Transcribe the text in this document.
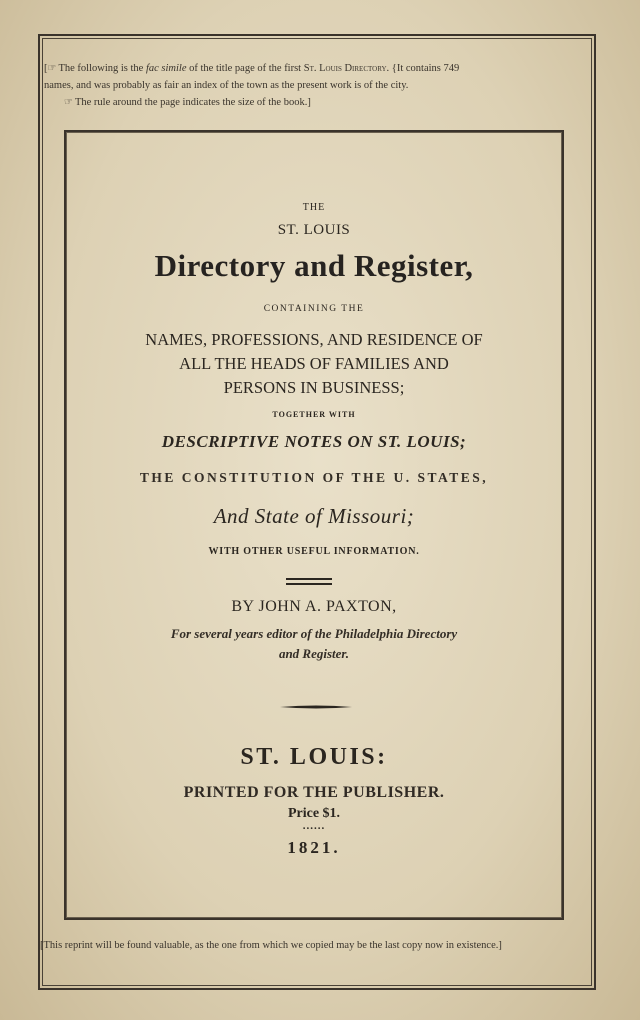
[☞ The following is the fac simile of the title page of the first St. Louis Directory. {It contains 749

names, and was probably as fair an index of the town as the present work is of the city.

☞ The rule around the page indicates the size of the book.]

THE
ST. LOUIS
Directory and Register,
CONTAINING THE
NAMES, PROFESSIONS, AND RESIDENCE OF
ALL THE HEADS OF FAMILIES AND
PERSONS IN BUSINESS;
TOGETHER WITH
DESCRIPTIVE NOTES ON ST. LOUIS;
THE CONSTITUTION OF THE U. STATES,
And State of Missouri;
WITH OTHER USEFUL INFORMATION.
BY JOHN A. PAXTON,
For several years editor of the Philadelphia Directory
and Register.
ST. LOUIS:
PRINTED FOR THE PUBLISHER.
Price $1.
......
1821.
[This reprint will be found valuable, as the one from which we copied may be the last copy now in existence.]
